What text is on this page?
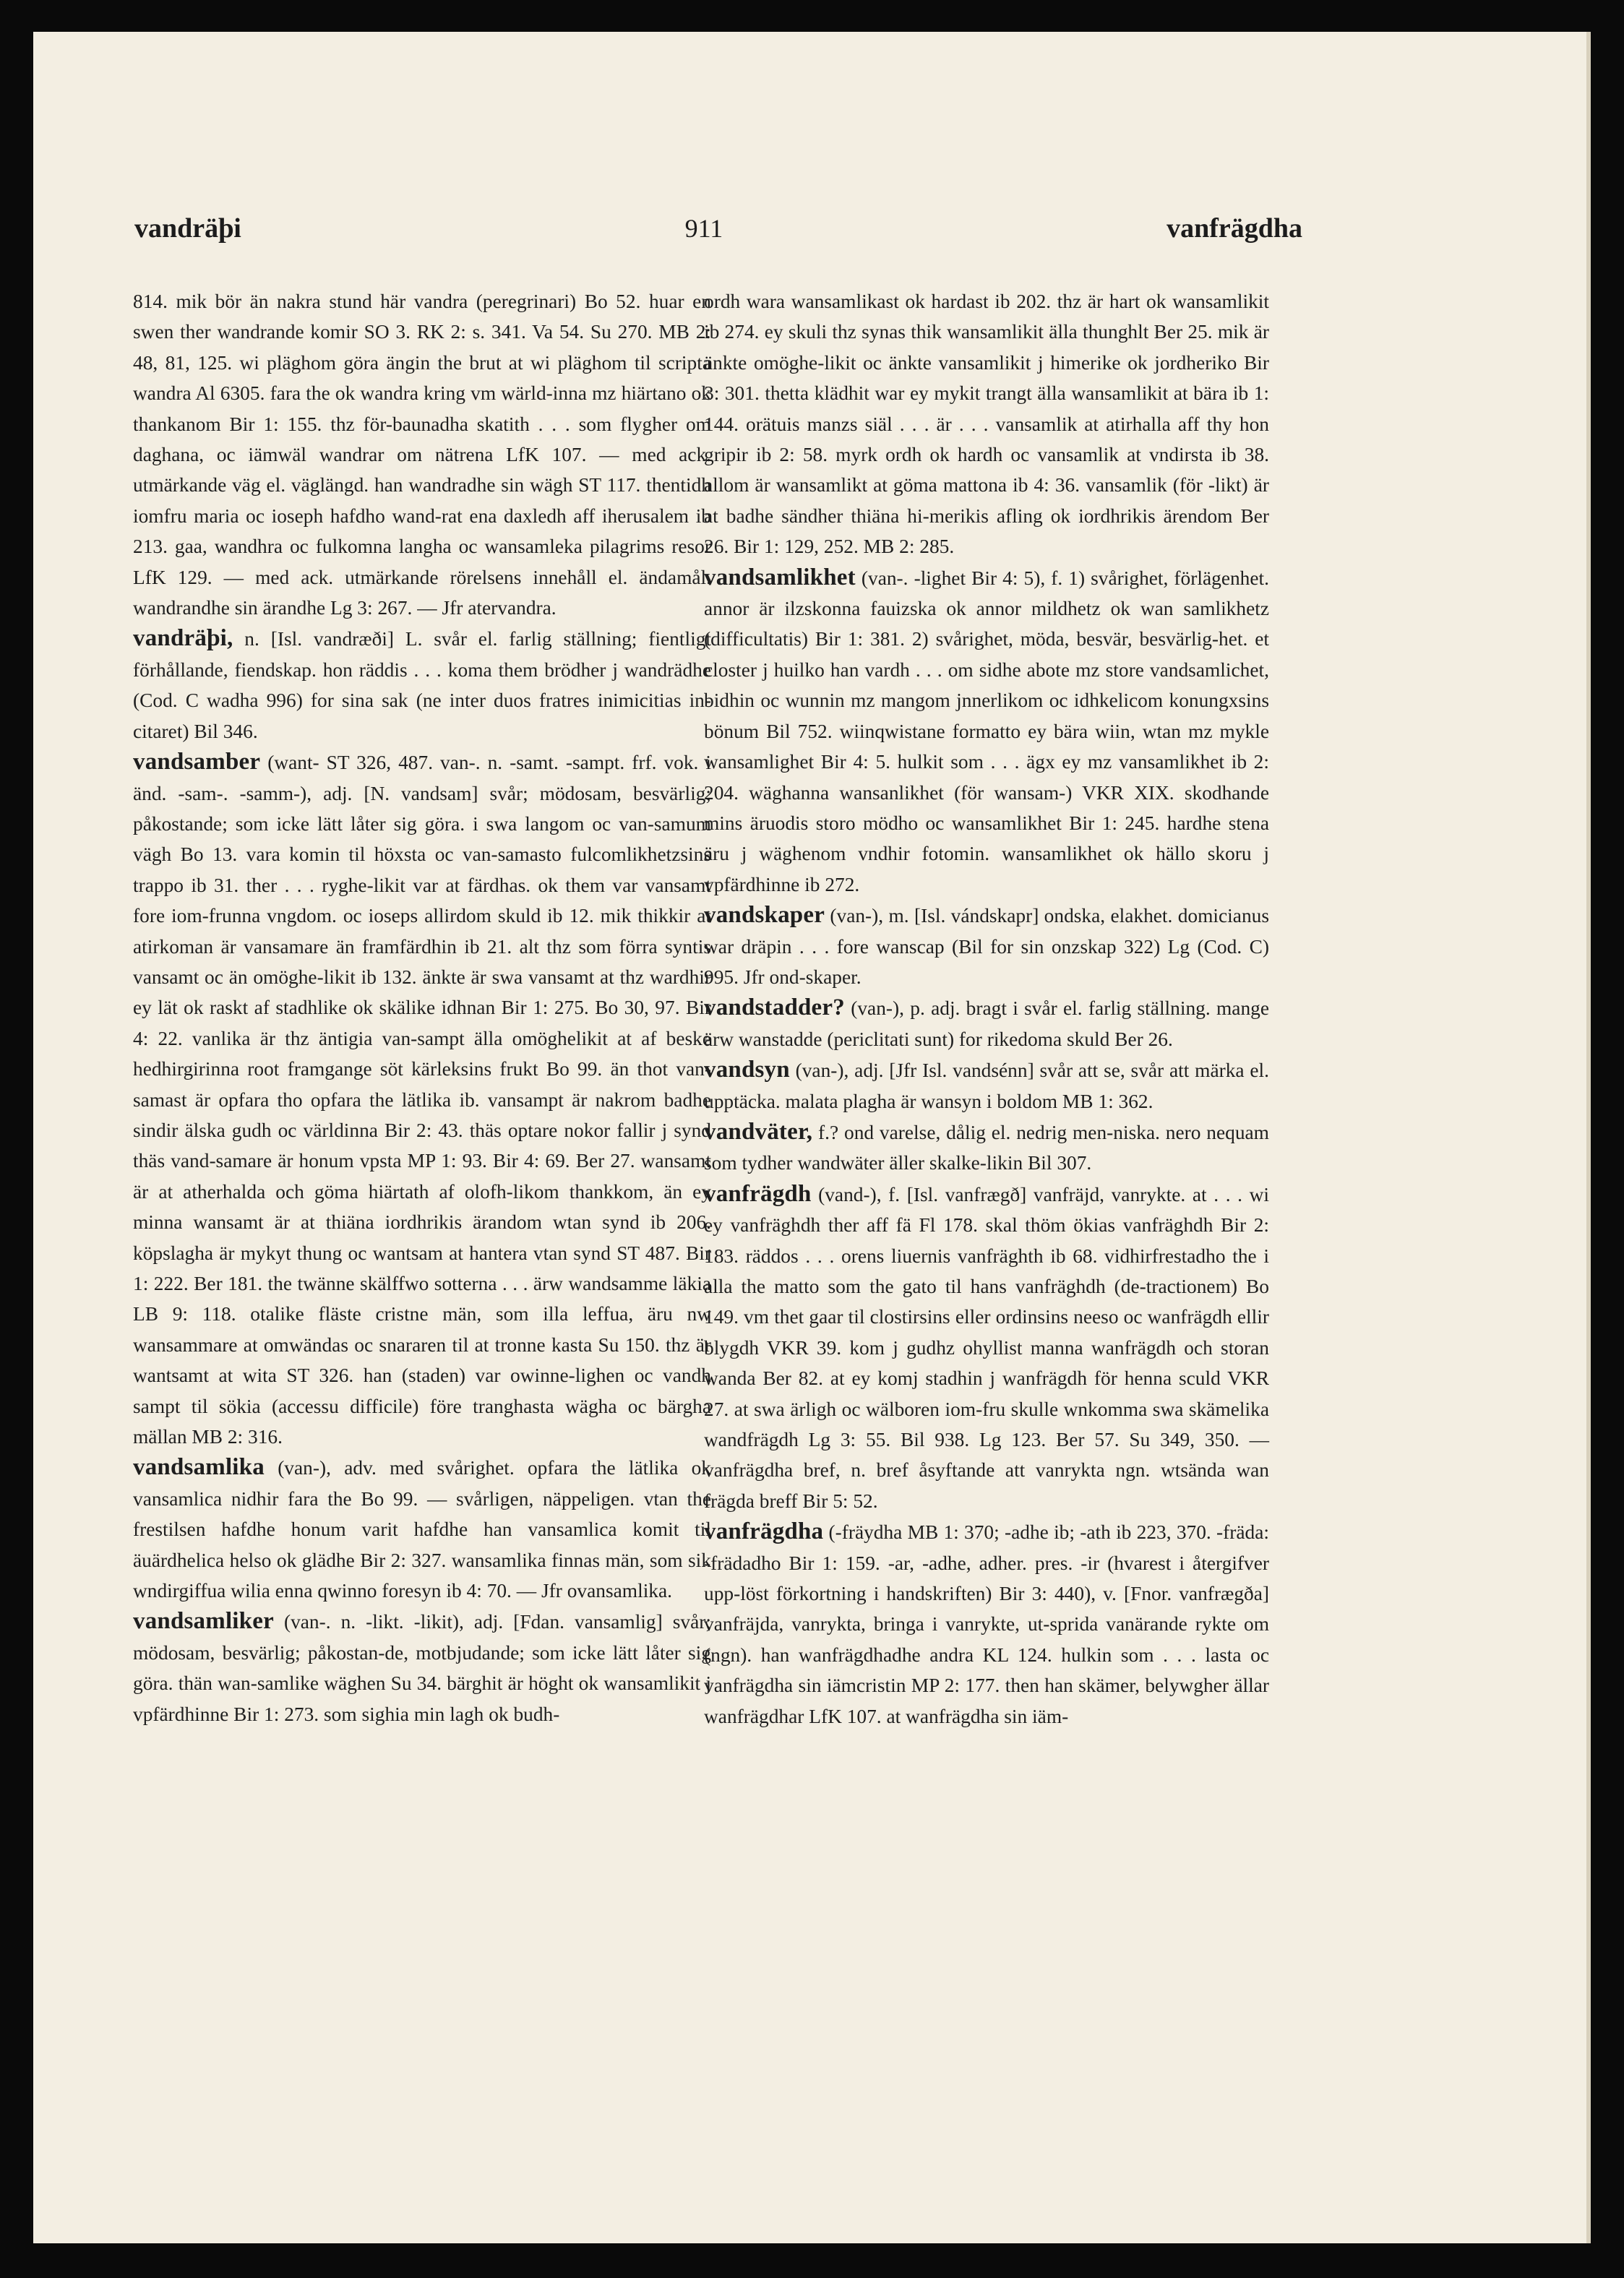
vandräþi	911	vanfrägdha

814. mik bör än nakra stund här vandra (peregrinari) Bo 52. huar en swen ther wandrande komir SO 3. RK 2: s. 341. Va 54. Su 270. MB 2: 48, 81, 125. wi pläghom göra ängin the brut at wi pläghom til scripta wandra Al 6305. fara the ok wandra kring vm wärld-inna mz hiärtano ok thankanom Bir 1: 155. thz för-baunadha skatith . . . som flygher om daghana, oc iämwäl wandrar om nätrena LfK 107. — med ack. utmärkande väg el. väglängd. han wandradhe sin wägh ST 117. thentidh iomfru maria oc ioseph hafdho wand-rat ena daxledh aff iherusalem ib 213. gaa, wandhra oc fulkomna langha oc wansamleka pilagrims resor LfK 129. — med ack. utmärkande rörelsens innehåll el. ändamål. wandrandhe sin ärandhe Lg 3: 267. — Jfr atervandra.

vandräþi, n. [Isl. vandræði] L. svår el. farlig ställning; fientligt förhållande, fiendskap. hon räddis . . . koma them brödher j wandrädhe (Cod. C wadha 996) for sina sak (ne inter duos fratres inimicitias in-citaret) Bil 346.

vandsamber (want- ST 326, 487. van-. n. -samt. -sampt. frf. vok. i änd. -sam-. -samm-), adj. [N. vandsam] svår; mödosam, besvärlig; påkostande; som icke lätt låter sig göra. i swa langom oc van-samum vägh Bo 13. vara komin til höxsta oc van-samasto fulcomlikhetzsins trappo ib 31. ther . . . ryghe-likit var at färdhas. ok them var vansamt fore iom-frunna vngdom. oc ioseps allirdom skuld ib 12. mik thikkir at atirkoman är vansamare än framfärdhin ib 21. alt thz som förra syntis vansamt oc än omöghe-likit ib 132. änkte är swa vansamt at thz wardhir ey lät ok raskt af stadhlike ok skälike idhnan Bir 1: 275. Bo 30, 97. Bir 4: 22. vanlika är thz äntigia van-sampt älla omöghelikit at af beske hedhirgirinna root framgange söt kärleksins frukt Bo 99. än thot van-samast är opfara tho opfara the lätlika ib. vansampt är nakrom badhe sindir älska gudh oc världinna Bir 2: 43. thäs optare nokor fallir j synd thäs vand-samare är honum vpsta MP 1: 93. Bir 4: 69. Ber 27. wansamt är at atherhalda och göma hiärtath af olofh-likom thankkom, än ey minna wansamt är at thiäna iordhrikis ärandom wtan synd ib 206. köpslagha är mykyt thung oc wantsam at hantera vtan synd ST 487. Bir 1: 222. Ber 181. the twänne skälffwo sotterna . . . ärw wandsamme läkia LB 9: 118. otalike fläste cristne män, som illa leffua, äru nw wansammare at omwändas oc snararen til at tronne kasta Su 150. thz är wantsamt at wita ST 326. han (staden) var owinne-lighen oc vandh sampt til sökia (accessu difficile) före tranghasta wägha oc bärgha mällan MB 2: 316.

vandsamlika (van-), adv. med svårighet. opfara the lätlika ok vansamlica nidhir fara the Bo 99. — svårligen, näppeligen. vtan the frestilsen hafdhe honum varit hafdhe han vansamlica komit til äuärdhelica helso ok glädhe Bir 2: 327. wansamlika finnas män, som sik wndirgiffua wilia enna qwinno foresyn ib 4: 70. — Jfr ovansamlika.

vandsamliker (van-. n. -likt. -likit), adj. [Fdan. vansamlig] svår; mödosam, besvärlig; påkostan-de, motbjudande; som icke lätt låter sig göra. thän wan-samlike wäghen Su 34. bärghit är höght ok wansamlikit j vpfärdhinne Bir 1: 273. som sighia min lagh ok budh-

ordh wara wansamlikast ok hardast ib 202. thz är hart ok wansamlikit ib 274. ey skuli thz synas thik wansamlikit älla thunghlt Ber 25. mik är änkte omöghe-likit oc änkte vansamlikit j himerike ok jordheriko Bir 3: 301. thetta klädhit war ey mykit trangt älla wansamlikit at bära ib 1: 144. orätuis manzs siäl . . . är . . . vansamlik at atirhalla aff thy hon gripir ib 2: 58. myrk ordh ok hardh oc vansamlik at vndirsta ib 38. allom är wansamlikt at göma mattona ib 4: 36. vansamlik (för -likt) är at badhe sändher thiäna hi-merikis afling ok iordhrikis ärendom Ber 26. Bir 1: 129, 252. MB 2: 285.

vandsamlikhet (van-. -lighet Bir 4: 5), f. 1) svårighet, förlägenhet. annor är ilzskonna fauizska ok annor mildhetz ok wan samlikhetz (difficultatis) Bir 1: 381. 2) svårighet, möda, besvär, besvärlig-het. et closter j huilko han vardh . . . om sidhe abote mz store vandsamlichet, bidhin oc wunnin mz mangom jnnerlikom oc idhkelicom konungxsins bönum Bil 752. wiinqwistane formatto ey bära wiin, wtan mz mykle wansamlighet Bir 4: 5. hulkit som . . . ägx ey mz vansamlikhet ib 2: 204. wäghanna wansanlikhet (för wansam-) VKR XIX. skodhande mins äruodis storo mödho oc wansamlikhet Bir 1: 245. hardhe stena äru j wäghenom vndhir fotomin. wansamlikhet ok hällo skoru j vpfärdhinne ib 272.

vandskaper (van-), m. [Isl. vándskapr] ondska, elakhet. domicianus war dräpin . . . fore wanscap (Bil for sin onzskap 322) Lg (Cod. C) 995. Jfr ond-skaper.

vandstadder? (van-), p. adj. bragt i svår el. farlig ställning. mange ärw wanstadde (periclitati sunt) for rikedoma skuld Ber 26.

vandsyn (van-), adj. [Jfr Isl. vandsénn] svår att se, svår att märka el. upptäcka. malata plagha är wansyn i boldom MB 1: 362.

vandväter, f.? ond varelse, dålig el. nedrig men-niska. nero nequam som tydher wandwäter äller skalke-likin Bil 307.

vanfrägdh (vand-), f. [Isl. vanfrægð] vanfräjd, vanrykte. at . . . wi ey vanfräghdh ther aff fä Fl 178. skal thöm ökias vanfräghdh Bir 2: 183. räddos . . . orens liuernis vanfräghth ib 68. vidhirfrestadho the i alla the matto som the gato til hans vanfräghdh (de-tractionem) Bo 149. vm thet gaar til clostirsins eller ordinsins neeso oc wanfrägdh ellir blygdh VKR 39. kom j gudhz ohyllist manna wanfrägdh och storan wanda Ber 82. at ey komj stadhin j wanfrägdh för henna sculd VKR 27. at swa ärligh oc wälboren iom-fru skulle wnkomma swa skämelika wandfrägdh Lg 3: 55. Bil 938. Lg 123. Ber 57. Su 349, 350. — vanfrägdha bref, n. bref åsyftande att vanrykta ngn. wtsända wan frägda breff Bir 5: 52.

vanfrägdha (-fräydha MB 1: 370; -adhe ib; -ath ib 223, 370. -fräda: -frädadho Bir 1: 159. -ar, -adhe, adher. pres. -ir (hvarest i återgifver upp-löst förkortning i handskriften) Bir 3: 440), v. [Fnor. vanfrægða] vanfräjda, vanrykta, bringa i vanrykte, ut-sprida vanärande rykte om (ngn). han wanfrägdhadhe andra KL 124. hulkin som . . . lasta oc vanfrägdha sin iämcristin MP 2: 177. then han skämer, belywgher ällar wanfrägdhar LfK 107. at wanfrägdha sin iäm-
